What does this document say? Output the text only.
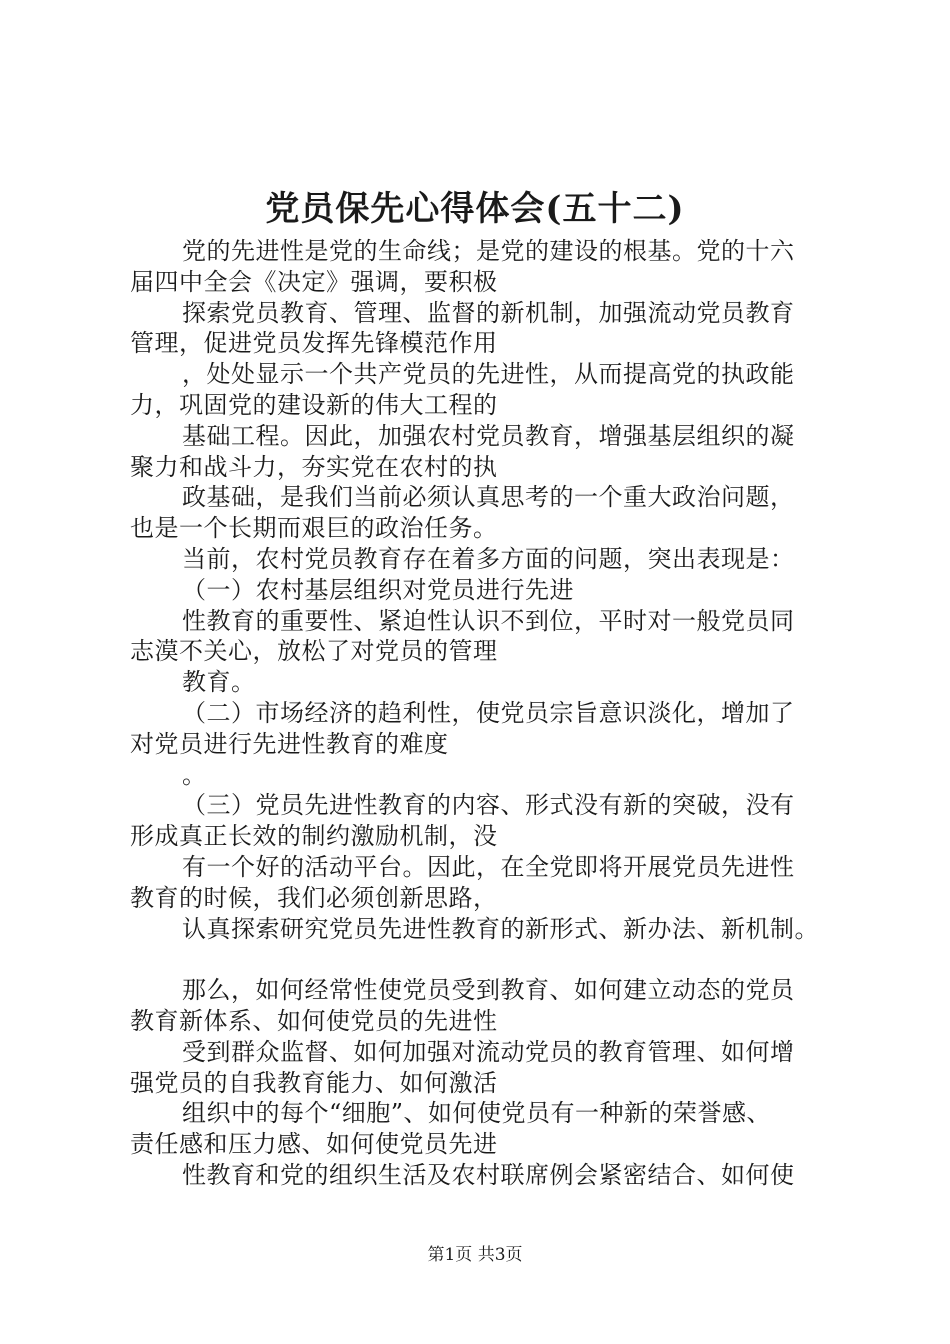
党员保先心得体会(五十二)
党的先进性是党的生命线；是党的建设的根基。党的十六
届四中全会《决定》强调，要积极
探索党员教育、管理、监督的新机制，加强流动党员教育
管理，促进党员发挥先锋模范作用
，处处显示一个共产党员的先进性，从而提高党的执政能
力，巩固党的建设新的伟大工程的
基础工程。因此，加强农村党员教育，增强基层组织的凝
聚力和战斗力，夯实党在农村的执
政基础，是我们当前必须认真思考的一个重大政治问题，
也是一个长期而艰巨的政治任务。
当前，农村党员教育存在着多方面的问题，突出表现是：
（一）农村基层组织对党员进行先进
性教育的重要性、紧迫性认识不到位，平时对一般党员同
志漠不关心，放松了对党员的管理
教育。
（二）市场经济的趋利性，使党员宗旨意识淡化，增加了
对党员进行先进性教育的难度
。
（三）党员先进性教育的内容、形式没有新的突破，没有
形成真正长效的制约激励机制，没
有一个好的活动平台。因此，在全党即将开展党员先进性
教育的时候，我们必须创新思路，
认真探索研究党员先进性教育的新形式、新办法、新机制。
那么，如何经常性使党员受到教育、如何建立动态的党员
教育新体系、如何使党员的先进性
受到群众监督、如何加强对流动党员的教育管理、如何增
强党员的自我教育能力、如何激活
组织中的每个“细胞”、如何使党员有一种新的荣誉感、
责任感和压力感、如何使党员先进
性教育和党的组织生活及农村联席例会紧密结合、如何使
第1页 共3页
